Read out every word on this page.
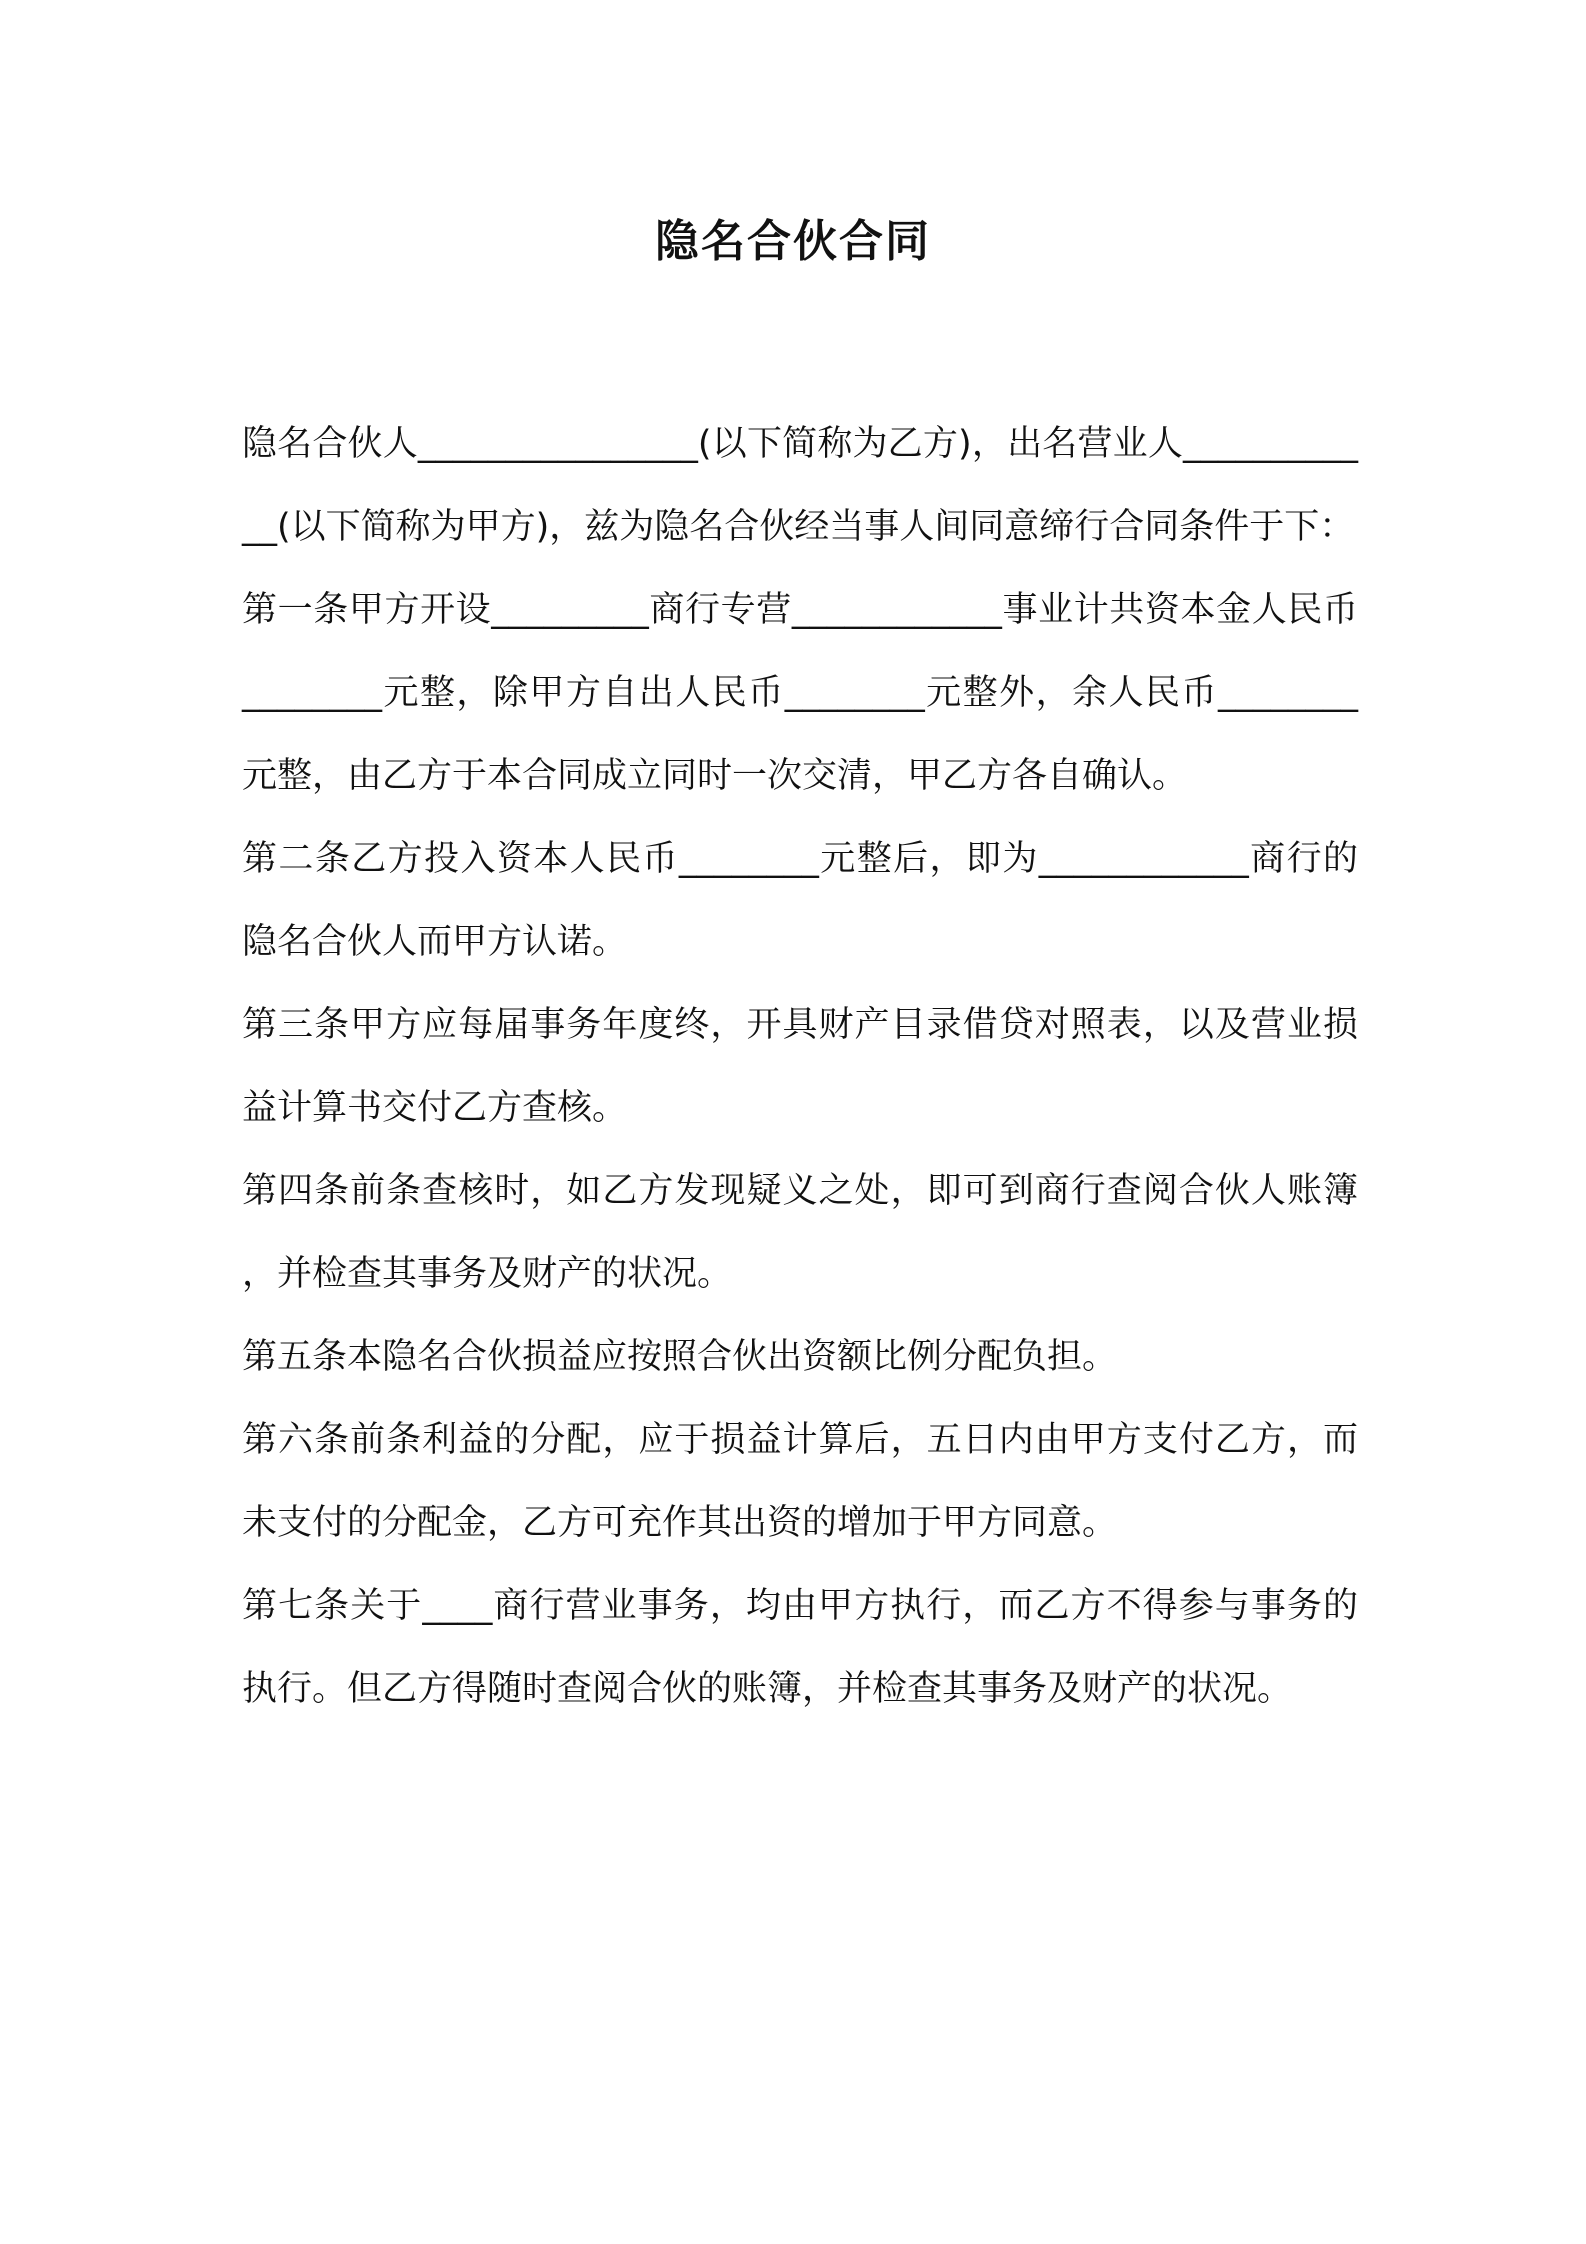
隐名合伙合同

隐名合伙人________________(以下简称为乙方)，出名营业人____________(以下简称为甲方)，兹为隐名合伙经当事人间同意缔行合同条件于下：

第一条甲方开设_________商行专营____________事业计共资本金人民币________元整，除甲方自出人民币________元整外，余人民币________元整，由乙方于本合同成立同时一次交清，甲乙方各自确认。

第二条乙方投入资本人民币________元整后，即为____________商行的隐名合伙人而甲方认诺。

第三条甲方应每届事务年度终，开具财产目录借贷对照表，以及营业损益计算书交付乙方查核。

第四条前条查核时，如乙方发现疑义之处，即可到商行查阅合伙人账簿，并检查其事务及财产的状况。

第五条本隐名合伙损益应按照合伙出资额比例分配负担。

第六条前条利益的分配，应于损益计算后，五日内由甲方支付乙方，而未支付的分配金，乙方可充作其出资的增加于甲方同意。

第七条关于____商行营业事务，均由甲方执行，而乙方不得参与事务的执行。但乙方得随时查阅合伙的账簿，并检查其事务及财产的状况。
